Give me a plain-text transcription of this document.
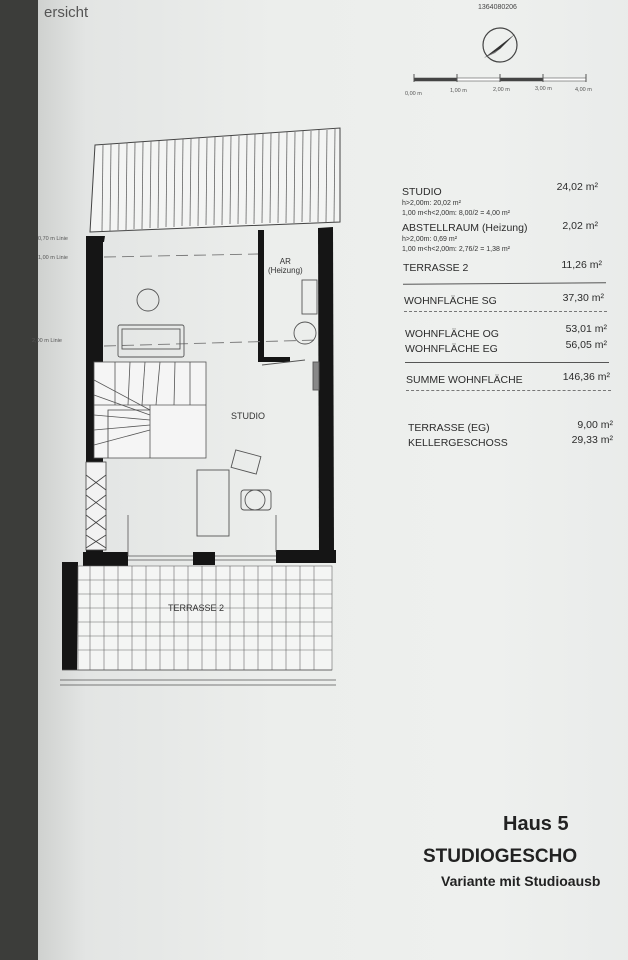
ersicht	1364080206
0,00 m	1,00 m	2,00 m	3,00 m	4,00 m
0,70 m Linie
1,00 m Linie
2,00 m Linie
AR
(Heizung)
STUDIO
TERRASSE 2
STUDIO	24,02 m²
h>2,00m: 20,02 m²
1,00 m<h<2,00m: 8,00/2 = 4,00 m²
ABSTELLRAUM (Heizung)	2,02 m²
h>2,00m: 0,69 m²
1,00 m<h<2,00m: 2,76/2 = 1,38 m²
TERRASSE 2	11,26 m²
WOHNFLÄCHE SG	37,30 m²
WOHNFLÄCHE OG	53,01 m²
WOHNFLÄCHE EG	56,05 m²
SUMME WOHNFLÄCHE	146,36 m²
TERRASSE (EG)	9,00 m²
KELLERGESCHOSS	29,33 m²
Haus 5
STUDIOGESCHO
Variante mit Studioausb
